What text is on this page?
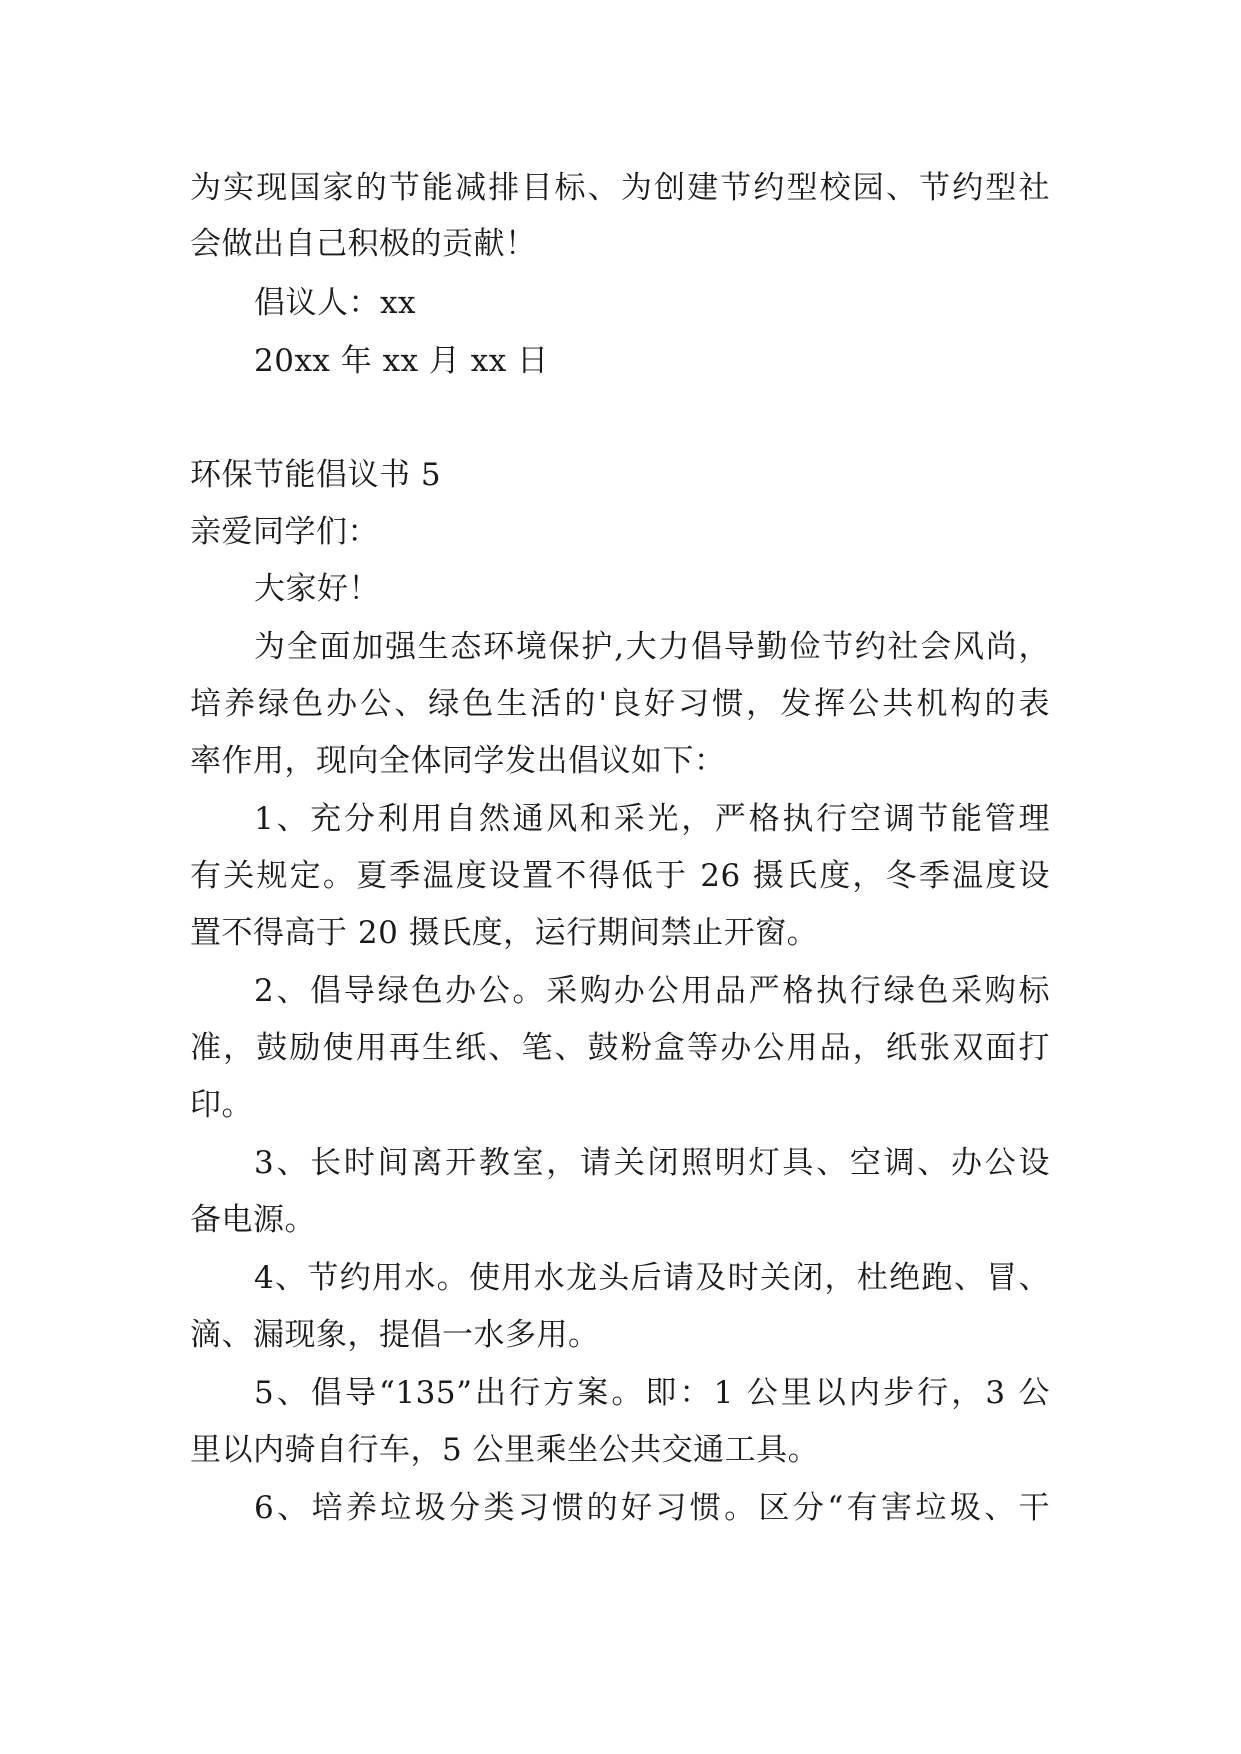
为实现国家的节能减排目标、为创建节约型校园、节约型社

会做出自己积极的贡献！

倡议人：xx

20xx 年 xx 月 xx 日

环保节能倡议书 5

亲爱同学们：

大家好！

为全面加强生态环境保护,大力倡导勤俭节约社会风尚，

培养绿色办公、绿色生活的'良好习惯，发挥公共机构的表

率作用，现向全体同学发出倡议如下：

1、充分利用自然通风和采光，严格执行空调节能管理

有关规定。夏季温度设置不得低于 26 摄氏度，冬季温度设

置不得高于 20 摄氏度，运行期间禁止开窗。

2、倡导绿色办公。采购办公用品严格执行绿色采购标

准，鼓励使用再生纸、笔、鼓粉盒等办公用品，纸张双面打

印。

3、长时间离开教室，请关闭照明灯具、空调、办公设

备电源。

4、节约用水。使用水龙头后请及时关闭，杜绝跑、冒、

滴、漏现象，提倡一水多用。

5、倡导“135”出行方案。即：1 公里以内步行，3 公

里以内骑自行车，5 公里乘坐公共交通工具。

6、培养垃圾分类习惯的好习惯。区分“有害垃圾、干
